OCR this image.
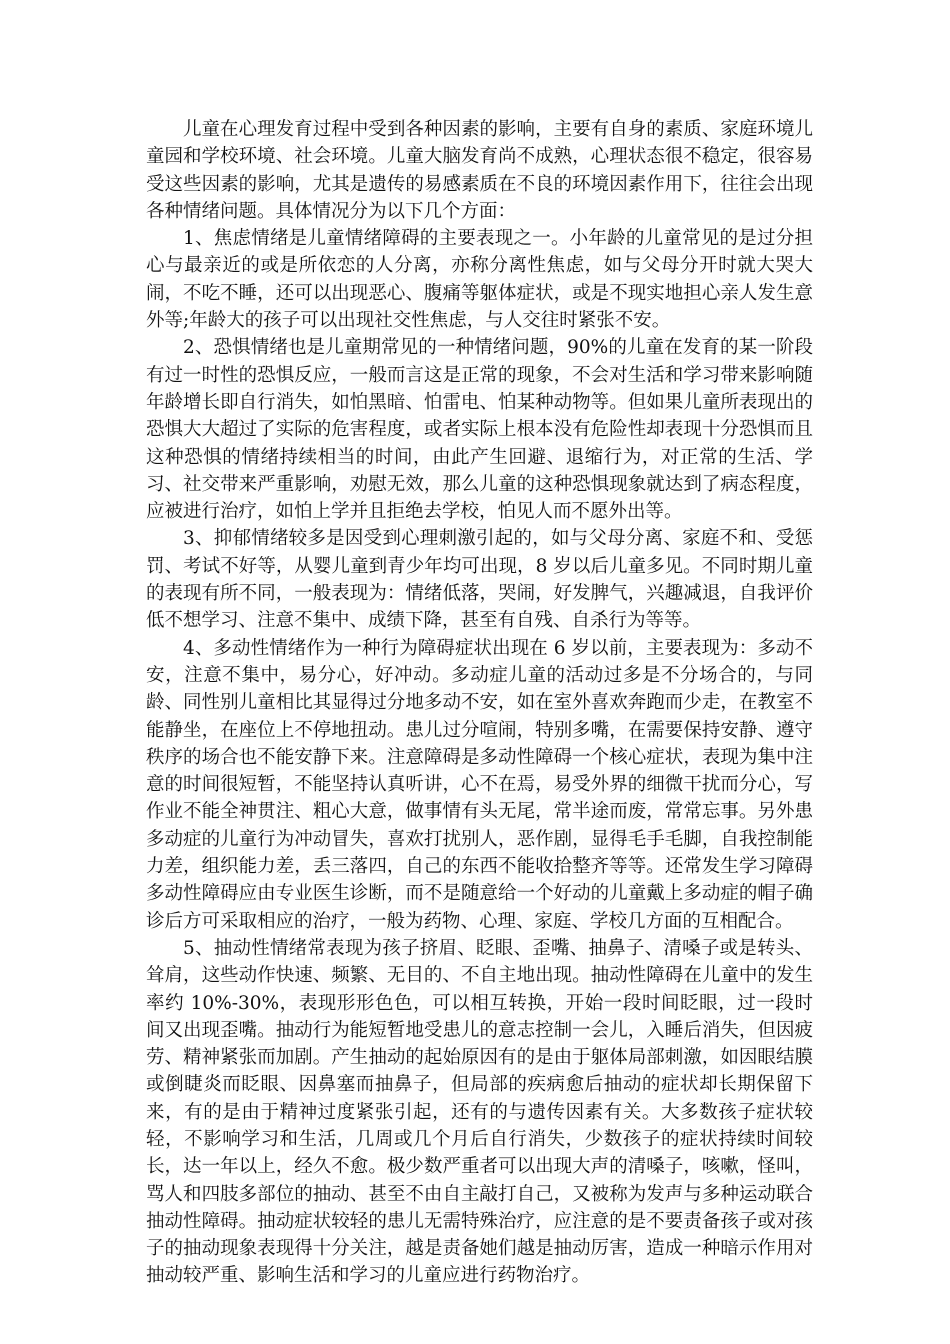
儿童在心理发育过程中受到各种因素的影响，主要有自身的素质、家庭环境儿童园和学校环境、社会环境。儿童大脑发育尚不成熟，心理状态很不稳定，很容易受这些因素的影响，尤其是遗传的易感素质在不良的环境因素作用下，往往会出现各种情绪问题。具体情况分为以下几个方面：

1、焦虑情绪是儿童情绪障碍的主要表现之一。小年龄的儿童常见的是过分担心与最亲近的或是所依恋的人分离，亦称分离性焦虑，如与父母分开时就大哭大闹，不吃不睡，还可以出现恶心、腹痛等躯体症状，或是不现实地担心亲人发生意外等;年龄大的孩子可以出现社交性焦虑，与人交往时紧张不安。

2、恐惧情绪也是儿童期常见的一种情绪问题，90%的儿童在发育的某一阶段有过一时性的恐惧反应，一般而言这是正常的现象，不会对生活和学习带来影响随年龄增长即自行消失，如怕黑暗、怕雷电、怕某种动物等。但如果儿童所表现出的恐惧大大超过了实际的危害程度，或者实际上根本没有危险性却表现十分恐惧而且这种恐惧的情绪持续相当的时间，由此产生回避、退缩行为，对正常的生活、学习、社交带来严重影响，劝慰无效，那么儿童的这种恐惧现象就达到了病态程度，应被进行治疗，如怕上学并且拒绝去学校，怕见人而不愿外出等。

3、抑郁情绪较多是因受到心理刺激引起的，如与父母分离、家庭不和、受惩罚、考试不好等，从婴儿童到青少年均可出现，8 岁以后儿童多见。不同时期儿童的表现有所不同，一般表现为：情绪低落，哭闹，好发脾气，兴趣减退，自我评价低不想学习、注意不集中、成绩下降，甚至有自残、自杀行为等等。

4、多动性情绪作为一种行为障碍症状出现在 6 岁以前，主要表现为：多动不安，注意不集中，易分心，好冲动。多动症儿童的活动过多是不分场合的，与同龄、同性别儿童相比其显得过分地多动不安，如在室外喜欢奔跑而少走，在教室不能静坐，在座位上不停地扭动。患儿过分喧闹，特别多嘴，在需要保持安静、遵守秩序的场合也不能安静下来。注意障碍是多动性障碍一个核心症状，表现为集中注意的时间很短暂，不能坚持认真听讲，心不在焉，易受外界的细微干扰而分心，写作业不能全神贯注、粗心大意，做事情有头无尾，常半途而废，常常忘事。另外患多动症的儿童行为冲动冒失，喜欢打扰别人，恶作剧，显得毛手毛脚，自我控制能力差，组织能力差，丢三落四，自己的东西不能收拾整齐等等。还常发生学习障碍多动性障碍应由专业医生诊断，而不是随意给一个好动的儿童戴上多动症的帽子确诊后方可采取相应的治疗，一般为药物、心理、家庭、学校几方面的互相配合。

5、抽动性情绪常表现为孩子挤眉、眨眼、歪嘴、抽鼻子、清嗓子或是转头、耸肩，这些动作快速、频繁、无目的、不自主地出现。抽动性障碍在儿童中的发生率约 10%-30%，表现形形色色，可以相互转换，开始一段时间眨眼，过一段时间又出现歪嘴。抽动行为能短暂地受患儿的意志控制一会儿，入睡后消失，但因疲劳、精神紧张而加剧。产生抽动的起始原因有的是由于躯体局部刺激，如因眼结膜或倒睫炎而眨眼、因鼻塞而抽鼻子，但局部的疾病愈后抽动的症状却长期保留下来，有的是由于精神过度紧张引起，还有的与遗传因素有关。大多数孩子症状较轻，不影响学习和生活，几周或几个月后自行消失，少数孩子的症状持续时间较长，达一年以上，经久不愈。极少数严重者可以出现大声的清嗓子，咳嗽，怪叫，骂人和四肢多部位的抽动、甚至不由自主敲打自己，又被称为发声与多种运动联合抽动性障碍。抽动症状较轻的患儿无需特殊治疗，应注意的是不要责备孩子或对孩子的抽动现象表现得十分关注，越是责备她们越是抽动厉害，造成一种暗示作用对抽动较严重、影响生活和学习的儿童应进行药物治疗。
